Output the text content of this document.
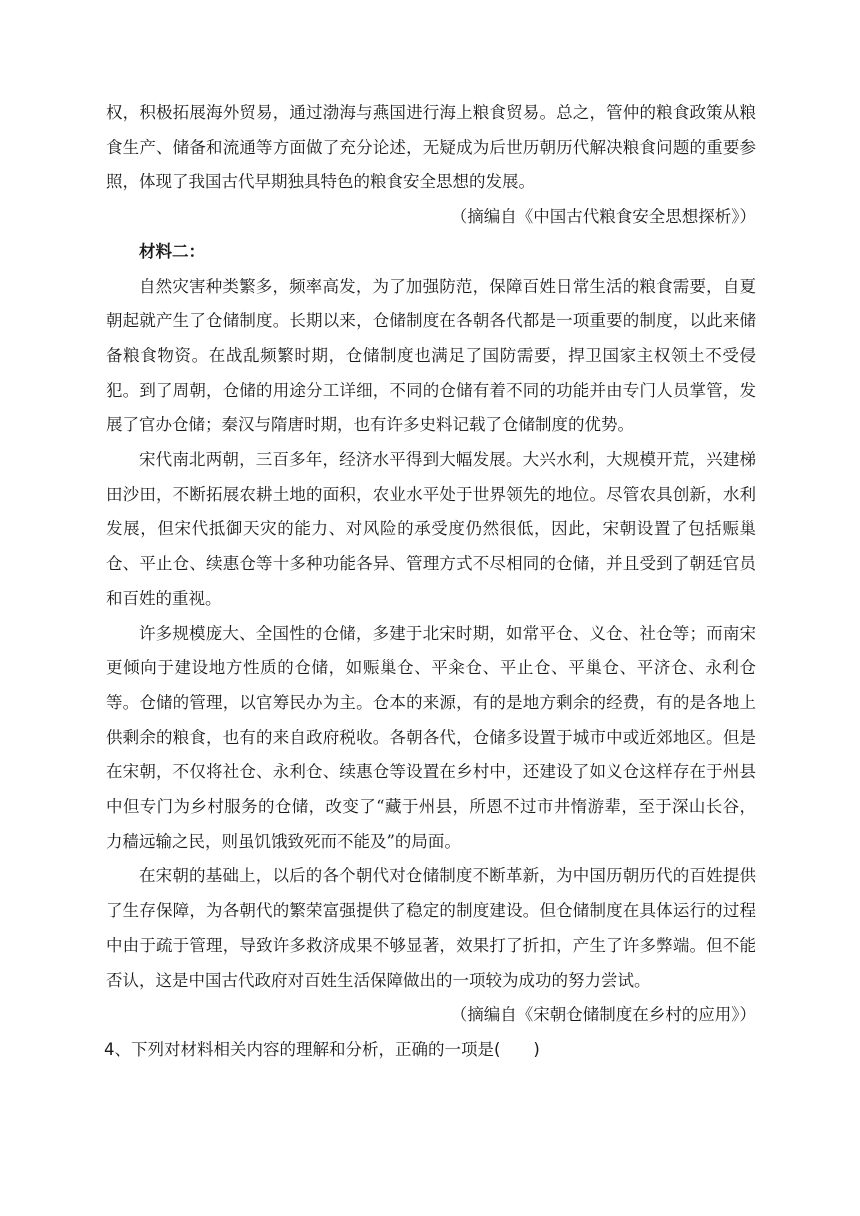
权，积极拓展海外贸易，通过渤海与燕国进行海上粮食贸易。总之，管仲的粮食政策从粮食生产、储备和流通等方面做了充分论述，无疑成为后世历朝历代解决粮食问题的重要参照，体现了我国古代早期独具特色的粮食安全思想的发展。

（摘编自《中国古代粮食安全思想探析》）

材料二：

自然灾害种类繁多，频率高发，为了加强防范，保障百姓日常生活的粮食需要，自夏朝起就产生了仓储制度。长期以来，仓储制度在各朝各代都是一项重要的制度，以此来储备粮食物资。在战乱频繁时期，仓储制度也满足了国防需要，捍卫国家主权领土不受侵犯。到了周朝，仓储的用途分工详细，不同的仓储有着不同的功能并由专门人员掌管，发展了官办仓储；秦汉与隋唐时期，也有许多史料记载了仓储制度的优势。

宋代南北两朝，三百多年，经济水平得到大幅发展。大兴水利，大规模开荒，兴建梯田沙田，不断拓展农耕土地的面积，农业水平处于世界领先的地位。尽管农具创新，水利发展，但宋代抵御天灾的能力、对风险的承受度仍然很低，因此，宋朝设置了包括赈巢仓、平止仓、续惠仓等十多种功能各异、管理方式不尽相同的仓储，并且受到了朝廷官员和百姓的重视。

许多规模庞大、全国性的仓储，多建于北宋时期，如常平仓、义仓、社仓等；而南宋更倾向于建设地方性质的仓储，如赈巢仓、平籴仓、平止仓、平巢仓、平济仓、永利仓等。仓储的管理，以官筹民办为主。仓本的来源，有的是地方剩余的经费，有的是各地上供剩余的粮食，也有的来自政府税收。各朝各代，仓储多设置于城市中或近郊地区。但是在宋朝，不仅将社仓、永利仓、续惠仓等设置在乡村中，还建设了如义仓这样存在于州县中但专门为乡村服务的仓储，改变了“藏于州县，所恩不过市井惰游辈，至于深山长谷，力穑远输之民，则虽饥饿致死而不能及”的局面。

在宋朝的基础上，以后的各个朝代对仓储制度不断革新，为中国历朝历代的百姓提供了生存保障，为各朝代的繁荣富强提供了稳定的制度建设。但仓储制度在具体运行的过程中由于疏于管理，导致许多救济成果不够显著，效果打了折扣，产生了许多弊端。但不能否认，这是中国古代政府对百姓生活保障做出的一项较为成功的努力尝试。

（摘编自《宋朝仓储制度在乡村的应用》）

4、下列对材料相关内容的理解和分析，正确的一项是(　　)
